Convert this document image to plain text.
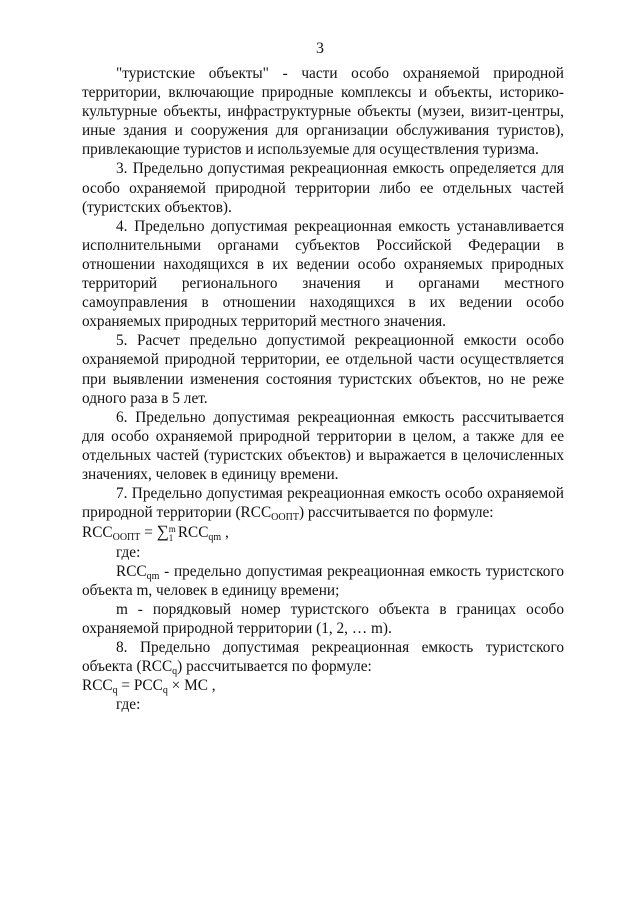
3

"туристские объекты" - части особо охраняемой природной территории, включающие природные комплексы и объекты, историко-культурные объекты, инфраструктурные объекты (музеи, визит-центры, иные здания и сооружения для организации обслуживания туристов), привлекающие туристов и используемые для осуществления туризма.

3. Предельно допустимая рекреационная емкость определяется для особо охраняемой природной территории либо ее отдельных частей (туристских объектов).

4. Предельно допустимая рекреационная емкость устанавливается исполнительными органами субъектов Российской Федерации в отношении находящихся в их ведении особо охраняемых природных территорий регионального значения и органами местного самоуправления в отношении находящихся в их ведении особо охраняемых природных территорий местного значения.

5. Расчет предельно допустимой рекреационной емкости особо охраняемой природной территории, ее отдельной части осуществляется при выявлении изменения состояния туристских объектов, но не реже одного раза в 5 лет.

6. Предельно допустимая рекреационная емкость рассчитывается для особо охраняемой природной территории в целом, а также для ее отдельных частей (туристских объектов) и выражается в целочисленных значениях, человек в единицу времени.

7. Предельно допустимая рекреационная емкость особо охраняемой природной территории $(RCC_{ООПТ})$ рассчитывается по формуле:

$RCC_{ООПТ}$ = ∑ m
1 $RCC_{qm}$ ,

где:

$RCC_{qm}$ - предельно допустимая рекреационная емкость туристского объекта m, человек в единицу времени;

m - порядковый номер туристского объекта в границах особо охраняемой природной территории (1, 2, … m).

8. Предельно допустимая рекреационная емкость туристского объекта $(RCC_q)$ рассчитывается по формуле:

$RCC_q = PCC_q$ × MC ,

где:
